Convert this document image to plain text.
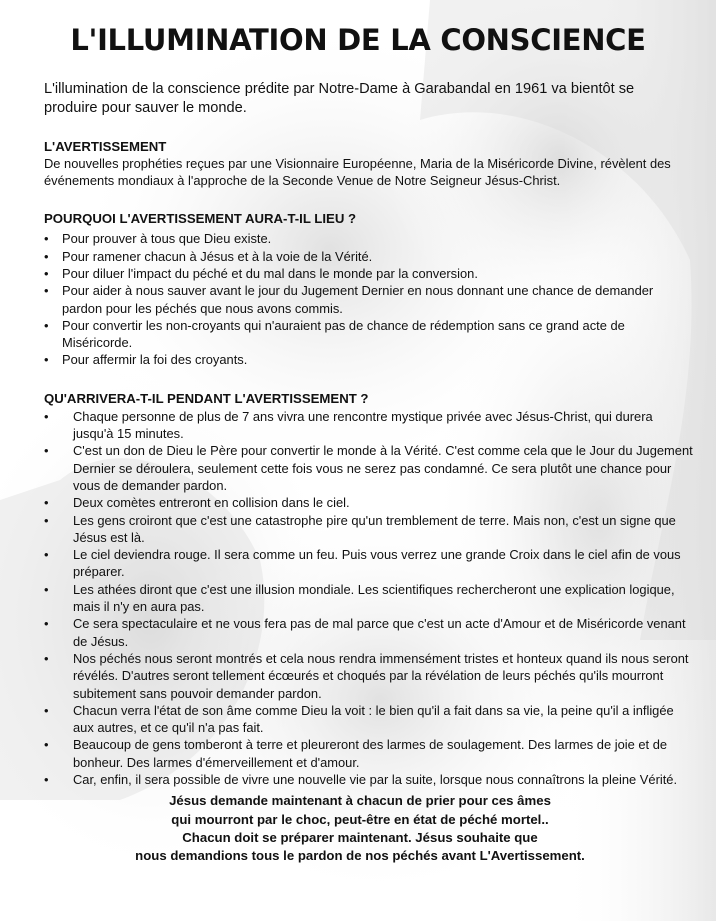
L'ILLUMINATION DE LA CONSCIENCE

L'illumination de la conscience prédite par Notre-Dame à Garabandal en 1961 va bientôt se produire pour sauver le monde.

L'AVERTISSEMENT

De nouvelles prophéties reçues par une Visionnaire Européenne, Maria de la Miséricorde Divine, révèlent des événements mondiaux à l'approche de la Seconde Venue de Notre Seigneur Jésus-Christ.

POURQUOI L'AVERTISSEMENT AURA-T-IL LIEU ?
• Pour prouver à tous que Dieu existe.
• Pour ramener chacun à Jésus et à la voie de la Vérité.
• Pour diluer l'impact du péché et du mal dans le monde par la conversion.
• Pour aider à nous sauver avant le jour du Jugement Dernier en nous donnant une chance de demander pardon pour les péchés que nous avons commis.
• Pour convertir les non-croyants qui n'auraient pas de chance de rédemption sans ce grand acte de Miséricorde.
• Pour affermir la foi des croyants.
QU'ARRIVERA-T-IL PENDANT L'AVERTISSEMENT ?
• Chaque personne de plus de 7 ans vivra une rencontre mystique privée avec Jésus-Christ, qui durera jusqu'à 15 minutes.
• C'est un don de Dieu le Père pour convertir le monde à la Vérité. C'est comme cela que le Jour du Jugement Dernier se déroulera, seulement cette fois vous ne serez pas condamné. Ce sera plutôt une chance pour vous de demander pardon.
• Deux comètes entreront en collision dans le ciel.
• Les gens croiront que c'est une catastrophe pire qu'un tremblement de terre. Mais non, c'est un signe que Jésus est là.
• Le ciel deviendra rouge. Il sera comme un feu. Puis vous verrez une grande Croix dans le ciel afin de vous préparer.
• Les athées diront que c'est une illusion mondiale. Les scientifiques rechercheront une explication logique, mais il n'y en aura pas.
• Ce sera spectaculaire et ne vous fera pas de mal parce que c'est un acte d'Amour et de Miséricorde venant de Jésus.
• Nos péchés nous seront montrés et cela nous rendra immensément tristes et honteux quand ils nous seront révélés. D'autres seront tellement écœurés et choqués par la révélation de leurs péchés qu'ils mourront subitement sans pouvoir demander pardon.
• Chacun verra l'état de son âme comme Dieu la voit : le bien qu'il a fait dans sa vie, la peine qu'il a infligée aux autres, et ce qu'il n'a pas fait.
• Beaucoup de gens tomberont à terre et pleureront des larmes de soulagement. Des larmes de joie et de bonheur. Des larmes d'émerveillement et d'amour.
• Car, enfin, il sera possible de vivre une nouvelle vie par la suite, lorsque nous connaîtrons la pleine Vérité.
Jésus demande maintenant à chacun de prier pour ces âmes
qui mourront par le choc, peut-être en état de péché mortel..
Chacun doit se préparer maintenant. Jésus souhaite que
nous demandions tous le pardon de nos péchés avant L'Avertissement.
